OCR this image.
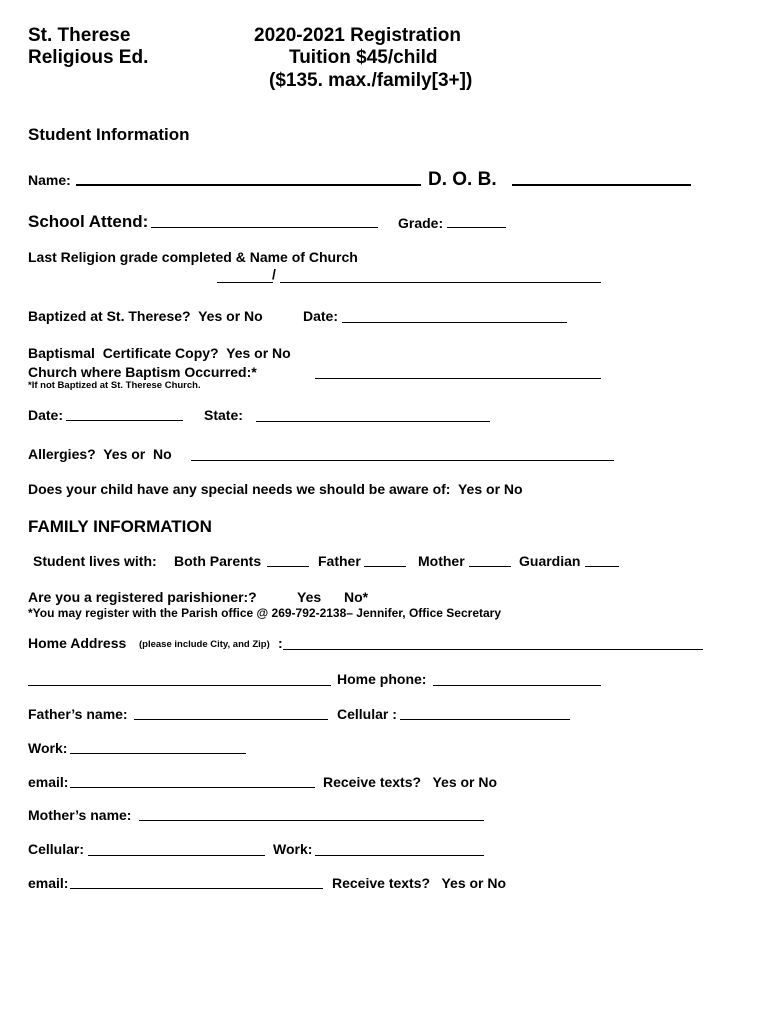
St. Therese
Religious Ed.
2020-2021 Registration
Tuition $45/child
($135. max./family[3+])
Student Information
Name:	D. O. B.
School Attend:	Grade:
Last Religion grade completed & Name of Church
/
Baptized at St. Therese?  Yes or No	Date:
Baptismal  Certificate Copy?  Yes or No
Church where Baptism Occurred:*
*If not Baptized at St. Therese Church.
Date:	State:
Allergies?  Yes or  No
Does your child have any special needs we should be aware of:  Yes or No
FAMILY INFORMATION
Student lives with: Both Parents	Father	Mother	Guardian
Are you a registered parishioner:?	Yes No*
*You may register with the Parish office @ 269-792-2138– Jennifer, Office Secretary
Home Address (please include City, and Zip) :
Home phone:
Father’s name:	Cellular :
Work:
email:	Receive texts?   Yes or No
Mother’s name:
Cellular:	Work:
email:	Receive texts?   Yes or No
